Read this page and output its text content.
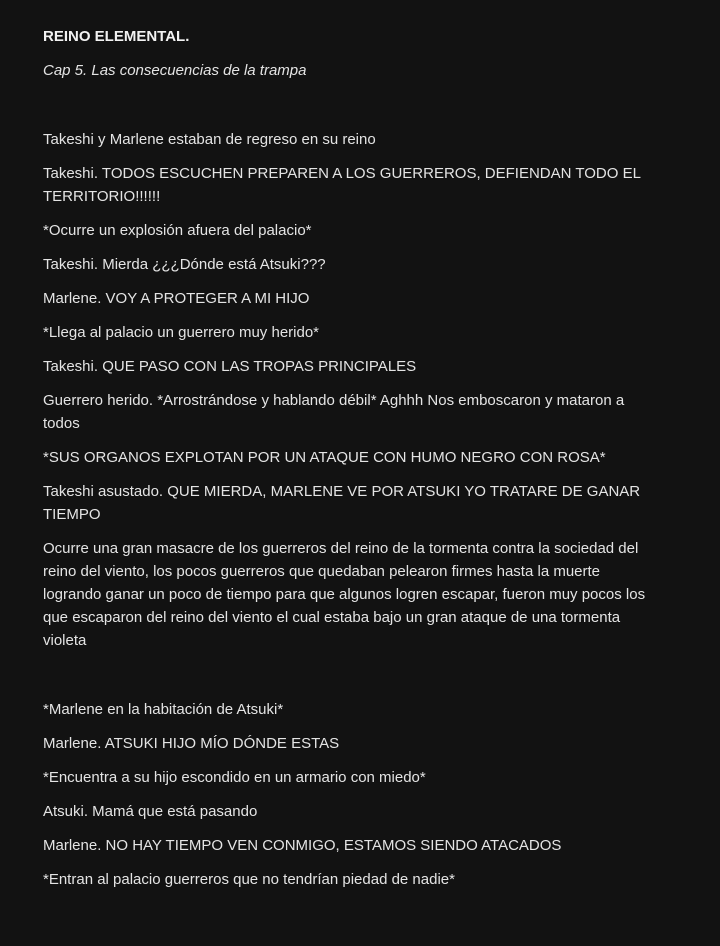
REINO ELEMENTAL.
Cap 5. Las consecuencias de la trampa
Takeshi y Marlene estaban de regreso en su reino
Takeshi. TODOS ESCUCHEN PREPAREN A LOS GUERREROS, DEFIENDAN TODO EL TERRITORIO!!!!!!
*Ocurre un explosión afuera del palacio*
Takeshi. Mierda ¿¿¿Dónde está Atsuki???
Marlene. VOY A PROTEGER A MI HIJO
*Llega al palacio un guerrero muy herido*
Takeshi. QUE PASO CON LAS TROPAS PRINCIPALES
Guerrero herido. *Arrostrándose y hablando débil* Aghhh Nos emboscaron y mataron a todos
*SUS ORGANOS EXPLOTAN POR UN ATAQUE CON HUMO NEGRO CON ROSA*
Takeshi asustado. QUE MIERDA, MARLENE VE POR ATSUKI YO TRATARE DE GANAR TIEMPO
Ocurre una gran masacre de los guerreros del reino de la tormenta contra la sociedad del reino del viento, los pocos guerreros que quedaban pelearon firmes hasta la muerte logrando ganar un poco de tiempo para que algunos logren escapar, fueron muy pocos los que escaparon del reino del viento el cual estaba bajo un gran ataque de una tormenta violeta
*Marlene en la habitación de Atsuki*
Marlene. ATSUKI HIJO MÍO DÓNDE ESTAS
*Encuentra a su hijo escondido en un armario con miedo*
Atsuki. Mamá que está pasando
Marlene. NO HAY TIEMPO VEN CONMIGO, ESTAMOS SIENDO ATACADOS
*Entran al palacio guerreros que no tendrían piedad de nadie*
